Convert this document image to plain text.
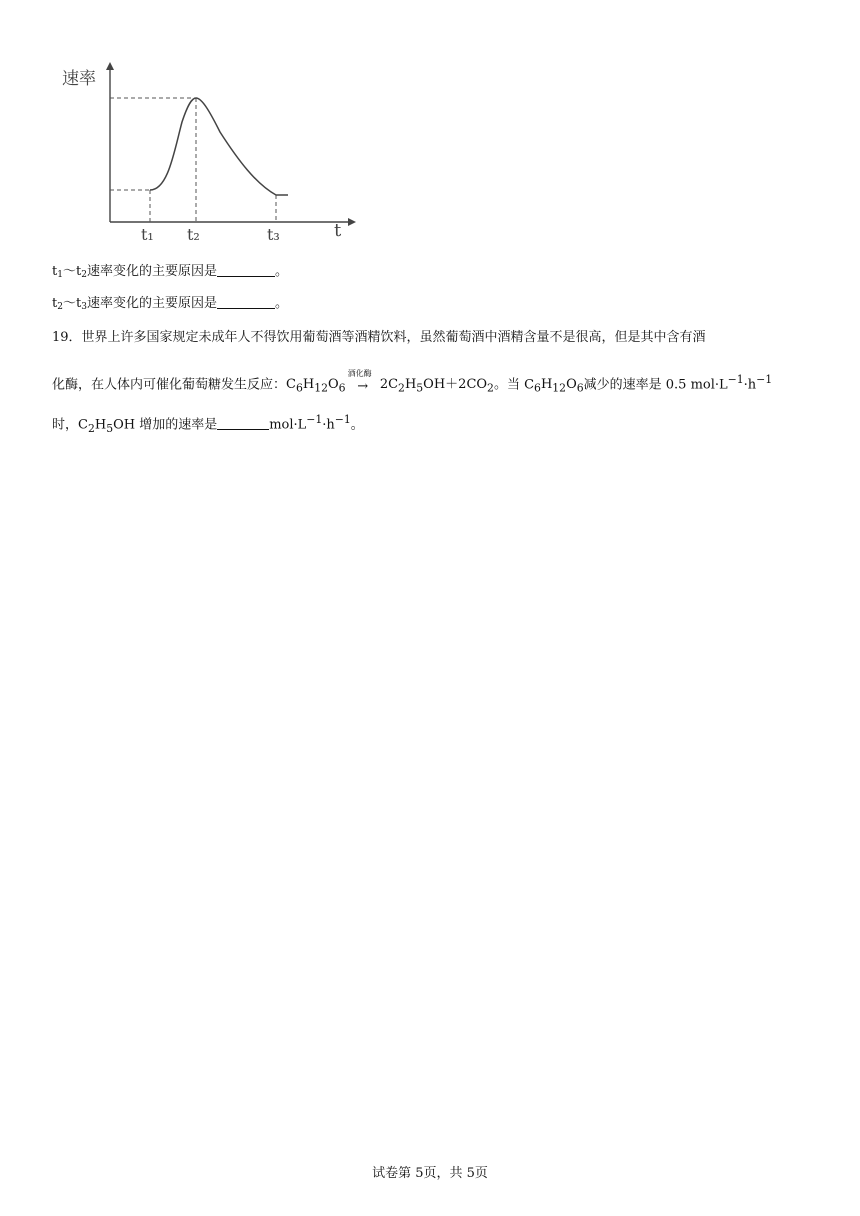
速率
t
t₁ t₂	t₃
$t_1\sim t_2$速率变化的主要原因是	。
$t_2\sim t_3$速率变化的主要原因是	。
19．世界上许多国家规定未成年人不得饮用葡萄酒等酒精饮料，虽然葡萄酒中酒精含量不是很高，但是其中含有酒
化酶，在人体内可催化葡萄糖发生反应：$C_6H_{12}O_6$
酒化酶
→ $2C_2H_5OH+2CO_2$。当 $C_6H_{12}O_6$减少的速率是 0.5 $mol\cdot L^{-1}\cdot h^{-1}$
时，$C_2H_5OH$ 增加的速率是	$mol\cdot L^{-1}\cdot h^{-1}$。
试卷第 5页，共 5页
